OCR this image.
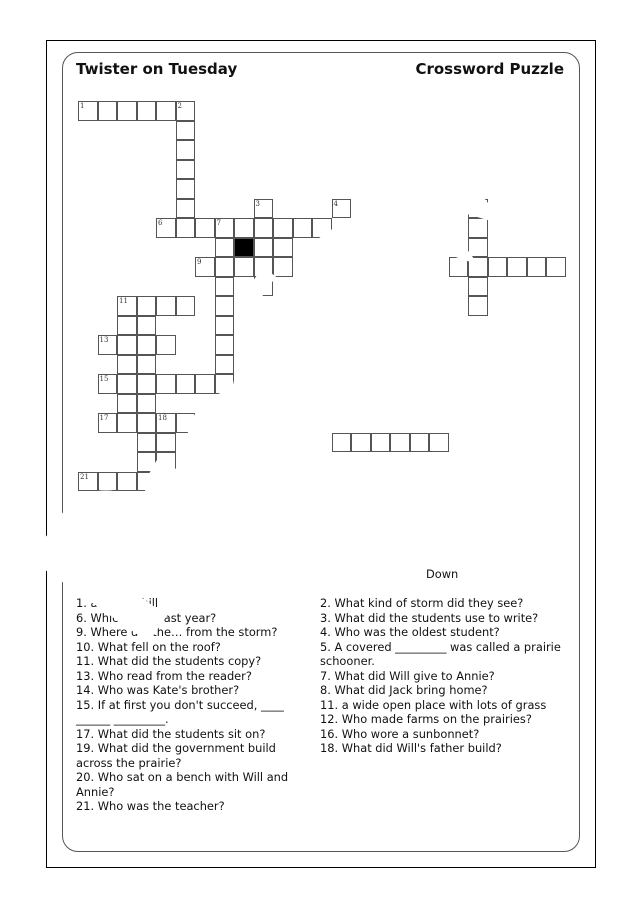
Twister on Tuesday	Crossword Puzzle
1	2
6	7
3	4	5
9
11
13
15
17	18
21
Down
1. a hom… hill
6. Which ins… last year?
9. Where did the… from the storm?
10. What fell on the roof?
11. What did the students copy?
13. Who read from the reader?
14. Who was Kate's brother?
15. If at first you don't succeed, ____ ______ _________.
17. What did the students sit on?
19. What did the government build across the prairie?
20. Who sat on a bench with Will and Annie?
21. Who was the teacher?
2. What kind of storm did they see?
3. What did the students use to write?
4. Who was the oldest student?
5. A covered _________ was called a prairie schooner.
7. What did Will give to Annie?
8. What did Jack bring home?
11. a wide open place with lots of grass
12. Who made farms on the prairies?
16. Who wore a sunbonnet?
18. What did Will's father build?
